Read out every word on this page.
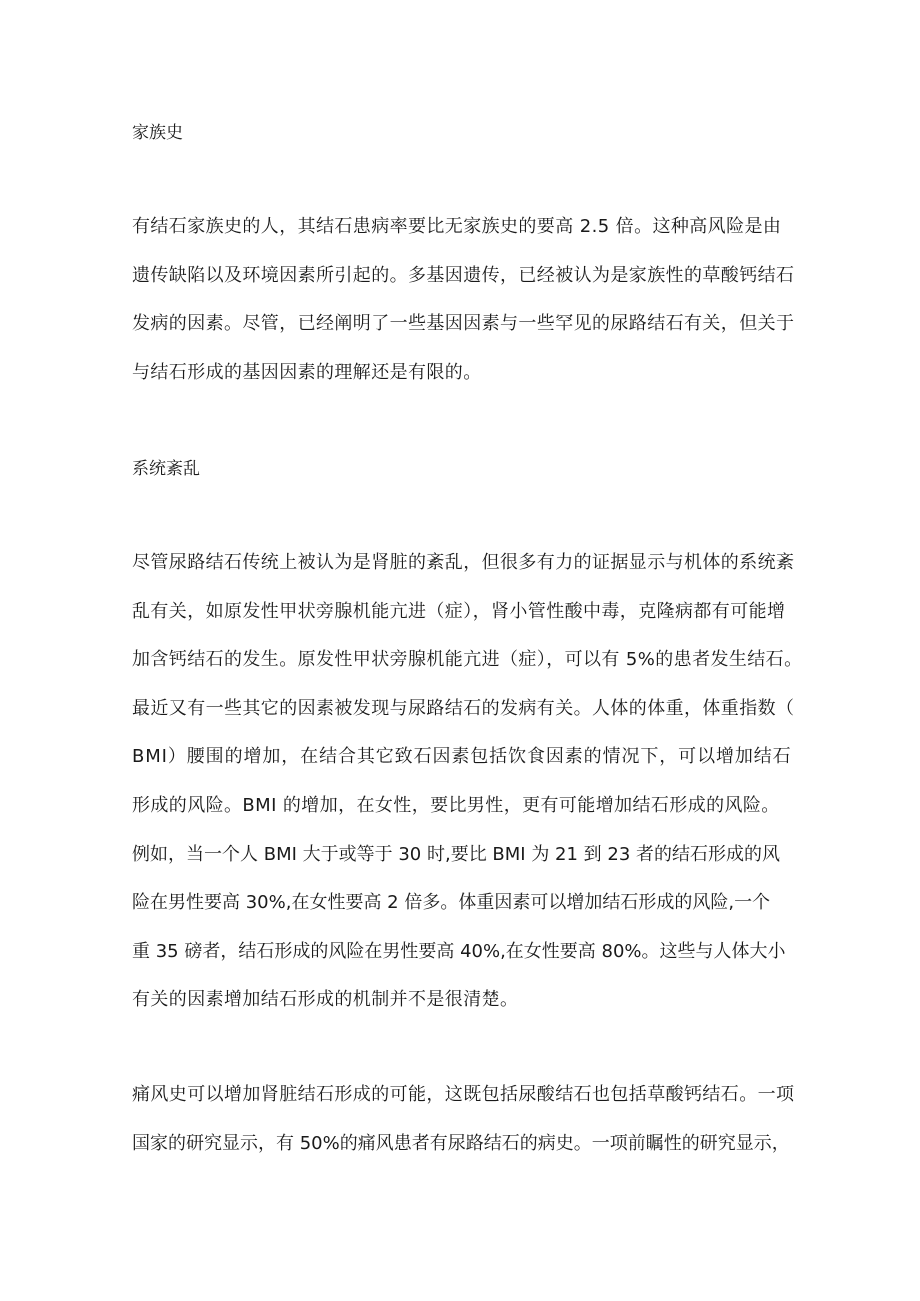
家族史
有结石家族史的人，其结石患病率要比无家族史的要高 2.5 倍。这种高风险是由
遗传缺陷以及环境因素所引起的。多基因遗传，已经被认为是家族性的草酸钙结石
发病的因素。尽管，已经阐明了一些基因因素与一些罕见的尿路结石有关，但关于
与结石形成的基因因素的理解还是有限的。
系统紊乱
尽管尿路结石传统上被认为是肾脏的紊乱，但很多有力的证据显示与机体的系统紊
乱有关，如原发性甲状旁腺机能亢进（症），肾小管性酸中毒，克隆病都有可能增
加含钙结石的发生。原发性甲状旁腺机能亢进（症），可以有 5%的患者发生结石。
最近又有一些其它的因素被发现与尿路结石的发病有关。人体的体重，体重指数（
BMI）腰围的增加，在结合其它致石因素包括饮食因素的情况下，可以增加结石
形成的风险。BMI 的增加，在女性，要比男性，更有可能增加结石形成的风险。
例如，当一个人 BMI 大于或等于 30 时,要比 BMI 为 21 到 23 者的结石形成的风
险在男性要高 30%,在女性要高 2 倍多。体重因素可以增加结石形成的风险,一个
重 35 磅者，结石形成的风险在男性要高 40%,在女性要高 80%。这些与人体大小
有关的因素增加结石形成的机制并不是很清楚。
痛风史可以增加肾脏结石形成的可能，这既包括尿酸结石也包括草酸钙结石。一项
国家的研究显示，有 50%的痛风患者有尿路结石的病史。一项前瞩性的研究显示，
